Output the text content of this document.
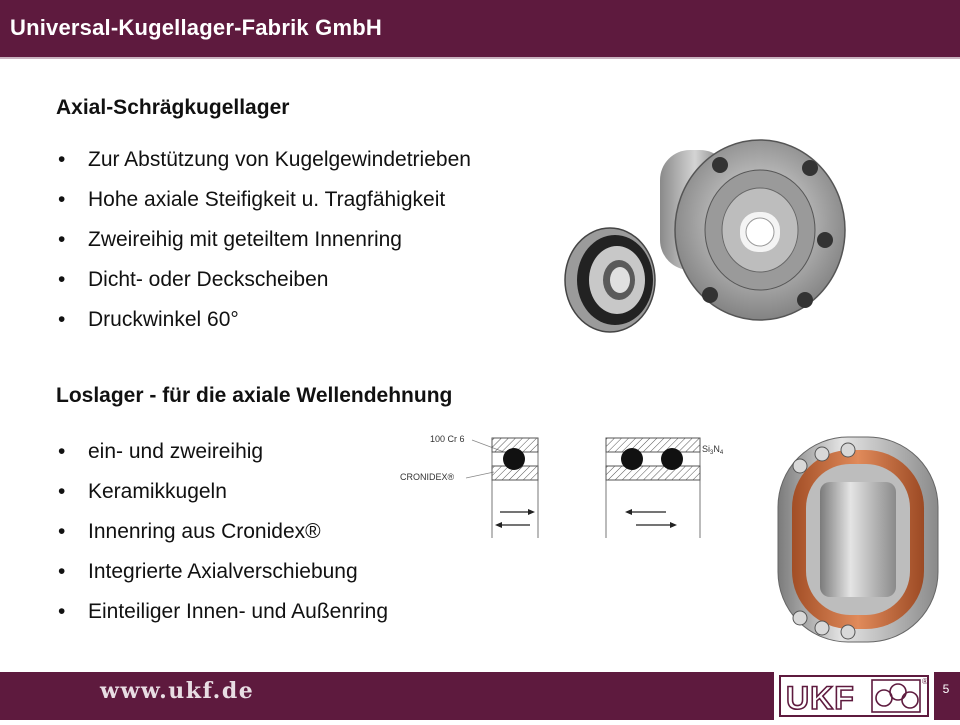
Universal-Kugellager-Fabrik GmbH
Axial-Schrägkugellager
• Zur Abstützung von Kugelgewindetrieben
• Hohe axiale Steifigkeit u. Tragfähigkeit
• Zweireihig mit geteiltem Innenring
• Dicht- oder Deckscheiben
• Druckwinkel 60°
Loslager - für die axiale Wellendehnung
• ein- und zweireihig
• Keramikkugeln
• Innenring aus Cronidex®
• Integrierte Axialverschiebung
• Einteiliger Innen- und Außenring
100 Cr 6
CRONIDEX®
$Si_3N_4$
www.ukf.de	UKF	®
5
